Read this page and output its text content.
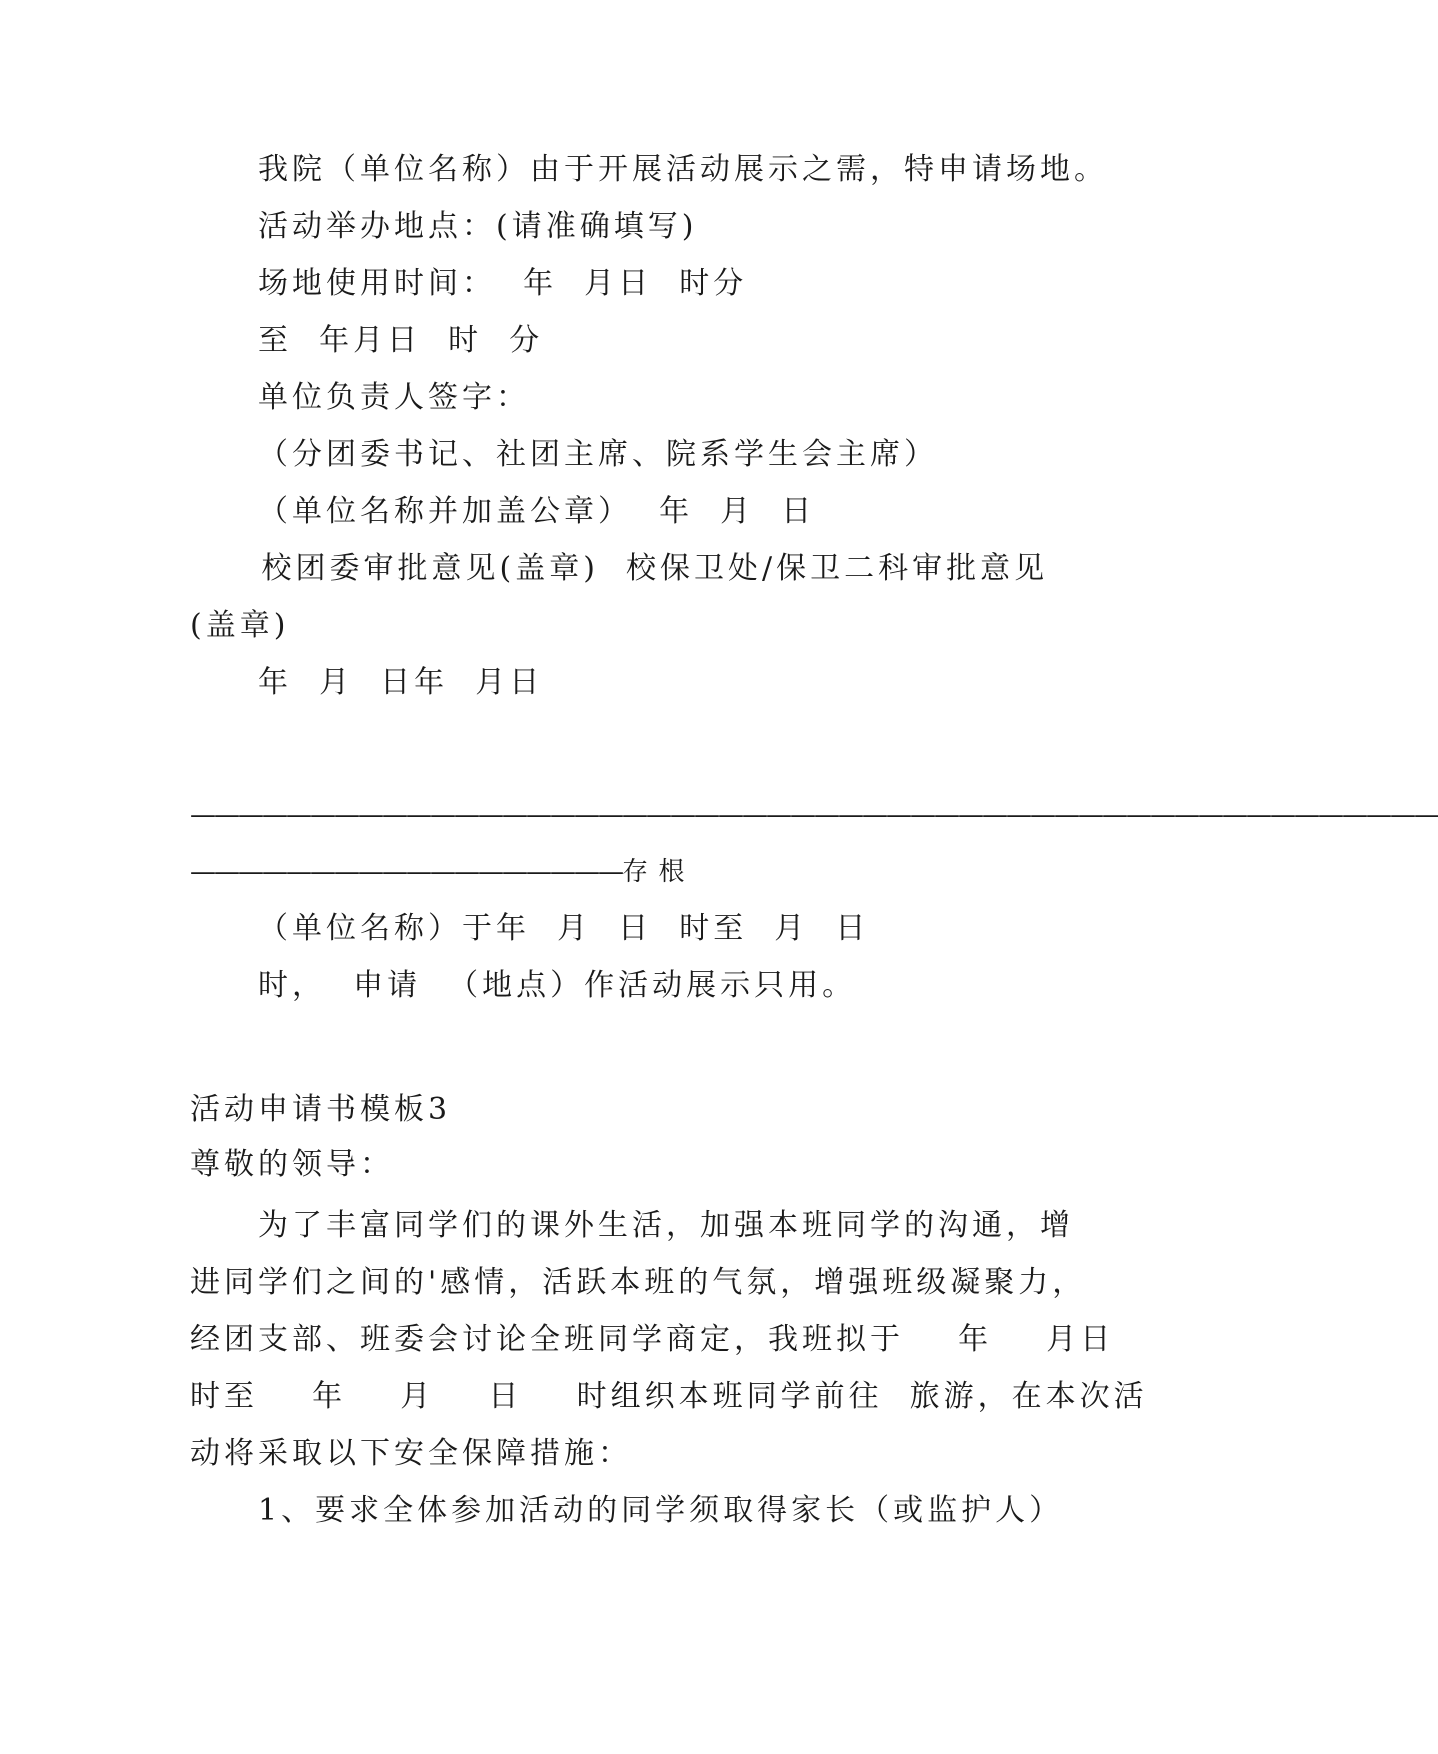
我院（单位名称）由于开展活动展示之需，特申请场地。
活动举办地点：(请准确填写)
场地使用时间：  年  月日  时分
至  年月日  时  分
单位负责人签字：
（分团委书记、社团主席、院系学生会主席）
（单位名称并加盖公章）  年  月  日
校团委审批意见(盖章)  校保卫处/保卫二科审批意见
(盖章)
年  月  日年  月日
————————————————————————————————————————————————————
——————————————————存  根
（单位名称）于年  月  日  时至  月  日
时，  申请  （地点）作活动展示只用。
活动申请书模板3
尊敬的领导：
为了丰富同学们的课外生活，加强本班同学的沟通，增
进同学们之间的'感情，活跃本班的气氛，增强班级凝聚力，
经团支部、班委会讨论全班同学商定，我班拟于    年    月日
时至    年    月    日    时组织本班同学前往  旅游，在本次活
动将采取以下安全保障措施：
1、要求全体参加活动的同学须取得家长（或监护人）
